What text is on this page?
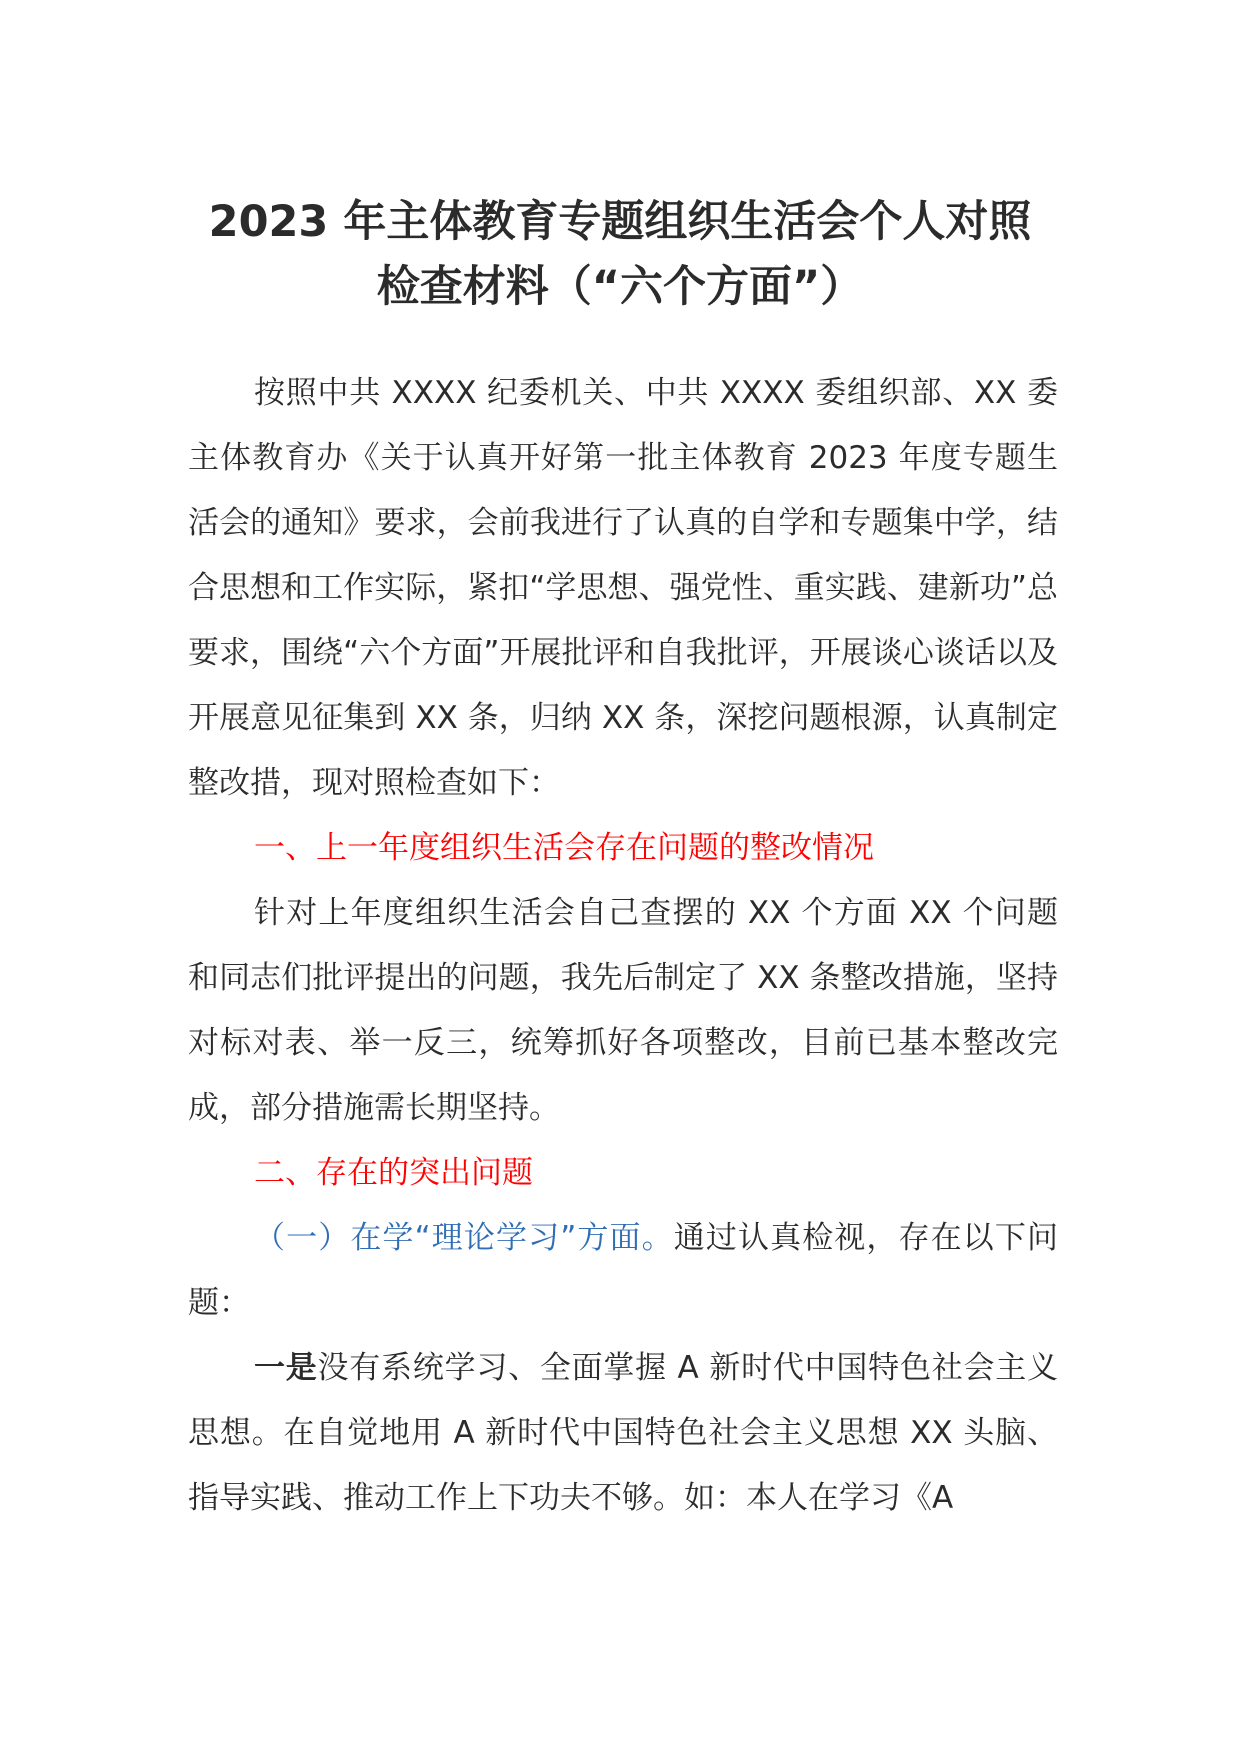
2023 年主体教育专题组织生活会个人对照
检查材料（“六个方面”）

按照中共 XXXX 纪委机关、中共 XXXX 委组织部、XX 委主体教育办《关于认真开好第一批主体教育 2023 年度专题生活会的通知》要求，会前我进行了认真的自学和专题集中学，结合思想和工作实际，紧扣“学思想、强党性、重实践、建新功”总要求，围绕“六个方面”开展批评和自我批评，开展谈心谈话以及开展意见征集到 XX 条，归纳 XX 条，深挖问题根源，认真制定整改措，现对照检查如下：

一、上一年度组织生活会存在问题的整改情况

针对上年度组织生活会自己查摆的 XX 个方面 XX 个问题和同志们批评提出的问题，我先后制定了 XX 条整改措施，坚持对标对表、举一反三，统筹抓好各项整改，目前已基本整改完成，部分措施需长期坚持。

二、存在的突出问题

（一）在学“理论学习”方面。通过认真检视，存在以下问题：

一是没有系统学习、全面掌握 A 新时代中国特色社会主义思想。在自觉地用 A 新时代中国特色社会主义思想 XX 头脑、指导实践、推动工作上下功夫不够。如：本人在学习《A
